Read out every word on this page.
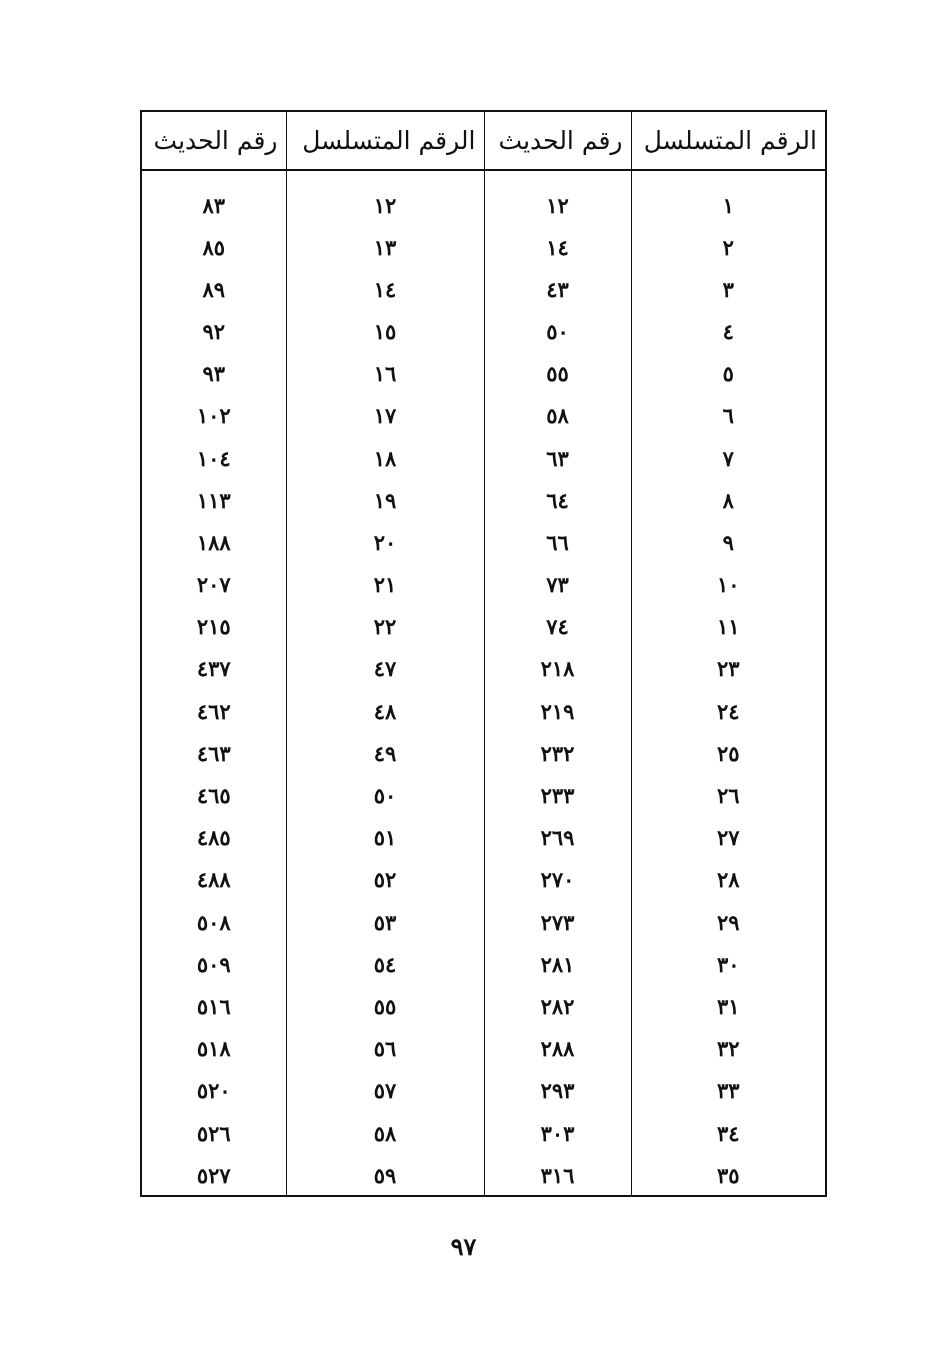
الرقم المتسلسل	رقم الحديث	الرقم المتسلسل	رقم الحديث
١	١٢	١٢	٨٣
٢	١٤	١٣	٨٥
٣	٤٣	١٤	٨٩
٤	٥٠	١٥	٩٢
٥	٥٥	١٦	٩٣
٦	٥٨	١٧	١٠٢
٧	٦٣	١٨	١٠٤
٨	٦٤	١٩	١١٣
٩	٦٦	٢٠	١٨٨
١٠	٧٣	٢١	٢٠٧
١١	٧٤	٢٢	٢١٥
٢٣	٢١٨	٤٧	٤٣٧
٢٤	٢١٩	٤٨	٤٦٢
٢٥	٢٣٢	٤٩	٤٦٣
٢٦	٢٣٣	٥٠	٤٦٥
٢٧	٢٦٩	٥١	٤٨٥
٢٨	٢٧٠	٥٢	٤٨٨
٢٩	٢٧٣	٥٣	٥٠٨
٣٠	٢٨١	٥٤	٥٠٩
٣١	٢٨٢	٥٥	٥١٦
٣٢	٢٨٨	٥٦	٥١٨
٣٣	٢٩٣	٥٧	٥٢٠
٣٤	٣٠٣	٥٨	٥٢٦
٣٥	٣١٦	٥٩	٥٢٧
٩٧
